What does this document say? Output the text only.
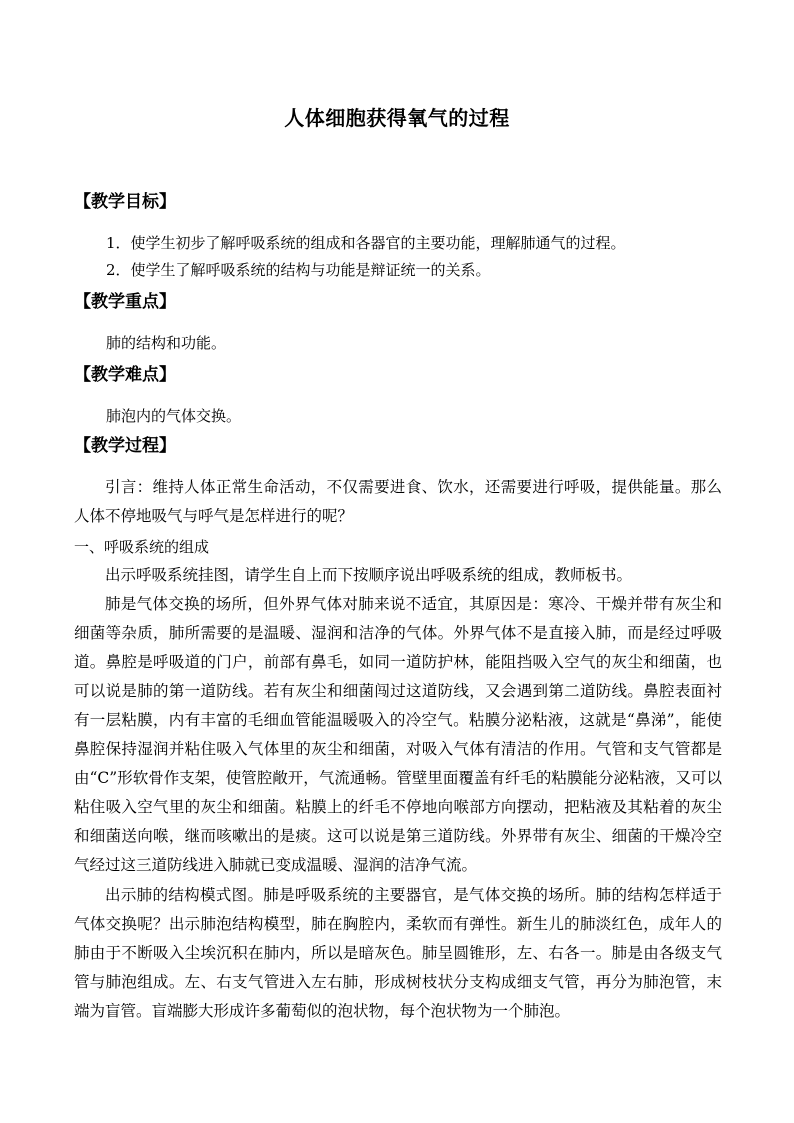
人体细胞获得氧气的过程
【教学目标】
1．使学生初步了解呼吸系统的组成和各器官的主要功能，理解肺通气的过程。
2．使学生了解呼吸系统的结构与功能是辩证统一的关系。
【教学重点】
肺的结构和功能。
【教学难点】
肺泡内的气体交换。
【教学过程】

引言：维持人体正常生命活动，不仅需要进食、饮水，还需要进行呼吸，提供能量。那么人体不停地吸气与呼气是怎样进行的呢？

一、呼吸系统的组成

出示呼吸系统挂图，请学生自上而下按顺序说出呼吸系统的组成，教师板书。

肺是气体交换的场所，但外界气体对肺来说不适宜，其原因是：寒冷、干燥并带有灰尘和细菌等杂质，肺所需要的是温暖、湿润和洁净的气体。外界气体不是直接入肺，而是经过呼吸道。鼻腔是呼吸道的门户，前部有鼻毛，如同一道防护林，能阻挡吸入空气的灰尘和细菌，也可以说是肺的第一道防线。若有灰尘和细菌闯过这道防线，又会遇到第二道防线。鼻腔表面衬有一层粘膜，内有丰富的毛细血管能温暖吸入的冷空气。粘膜分泌粘液，这就是“鼻涕”，能使鼻腔保持湿润并粘住吸入气体里的灰尘和细菌，对吸入气体有清洁的作用。气管和支气管都是由“C”形软骨作支架，使管腔敞开，气流通畅。管壁里面覆盖有纤毛的粘膜能分泌粘液，又可以粘住吸入空气里的灰尘和细菌。粘膜上的纤毛不停地向喉部方向摆动，把粘液及其粘着的灰尘和细菌送向喉，继而咳嗽出的是痰。这可以说是第三道防线。外界带有灰尘、细菌的干燥冷空气经过这三道防线进入肺就已变成温暖、湿润的洁净气流。

出示肺的结构模式图。肺是呼吸系统的主要器官，是气体交换的场所。肺的结构怎样适于气体交换呢？出示肺泡结构模型，肺在胸腔内，柔软而有弹性。新生儿的肺淡红色，成年人的肺由于不断吸入尘埃沉积在肺内，所以是暗灰色。肺呈圆锥形，左、右各一。肺是由各级支气管与肺泡组成。左、右支气管进入左右肺，形成树枝状分支构成细支气管，再分为肺泡管，末端为盲管。盲端膨大形成许多葡萄似的泡状物，每个泡状物为一个肺泡。
